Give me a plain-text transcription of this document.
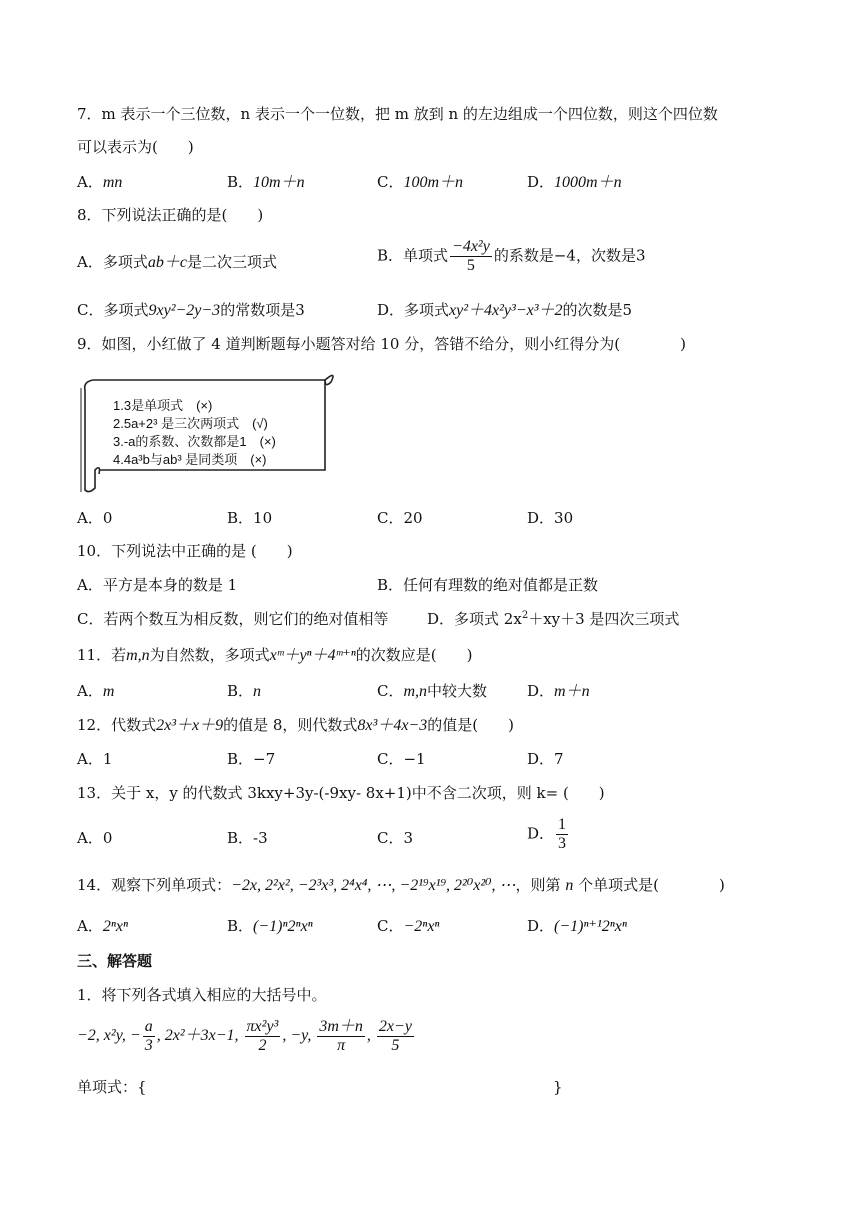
7．m 表示一个三位数，n 表示一个一位数，把 m 放到 n 的左边组成一个四位数，则这个四位数
可以表示为(　　)
A．mn	B．10m＋n	C．100m＋n	D．1000m＋n
8．下列说法正确的是(　　)
A．多项式ab＋c是二次三项式	B．单项式 $\frac{\text{−4x²y}}{5}$ 的系数是−4，次数是3
C．多项式9xy²−2y−3的常数项是3	D．多项式xy²＋4x²y³−x³＋2的次数是5
9．如图，小红做了 4 道判断题每小题答对给 10 分，答错不给分，则小红得分为(　　　　)
1.3是单项式　(×)
2.5a+2³ 是三次两项式　(√)
3.-a的系数、次数都是1　(×)
4.4a³b与ab³ 是同类项　(×)
A．0	B．10	C．20	D．30
10．下列说法中正确的是 (　　)
A．平方是本身的数是 1	B．任何有理数的绝对值都是正数
C．若两个数互为相反数，则它们的绝对值相等	D．多项式 $2x^2+xy+3$ 是四次三项式
11．若m,n为自然数，多项式xᵐ＋yⁿ＋4ᵐ⁺ⁿ的次数应是(　　)
A．m	B．n	C．m,n中较大数	D．m＋n
12．代数式2x³＋x＋9的值是 8，则代数式8x³＋4x−3的值是(　　)
A．1	B．−7	C．−1	D．7
13．关于 x，y 的代数式 3kxy+3y-(-9xy- 8x+1)中不含二次项，则 k= (　　)
A．0	B．-3	C．3	D． $\frac{1}{3}$
14．观察下列单项式：−2x, 2²x², −2³x³, 2⁴x⁴, ⋯, −2¹⁹x¹⁹, 2²⁰x²⁰, ⋯，则第 n 个单项式是(　　　　)
A．2ⁿxⁿ	B．(−1)ⁿ2ⁿxⁿ	C．−2ⁿxⁿ	D．(−1)ⁿ⁺¹2ⁿxⁿ
三、解答题
1．将下列各式填入相应的大括号中。
−2, x²y, − $\frac{a}{3}$ , 2x²＋3x−1, $\frac{\text{πx²y³}}{2}$ , −y, $\frac{3m+n}{\pi}$ , $\frac{2x-y}{5}$
单项式：{	}
